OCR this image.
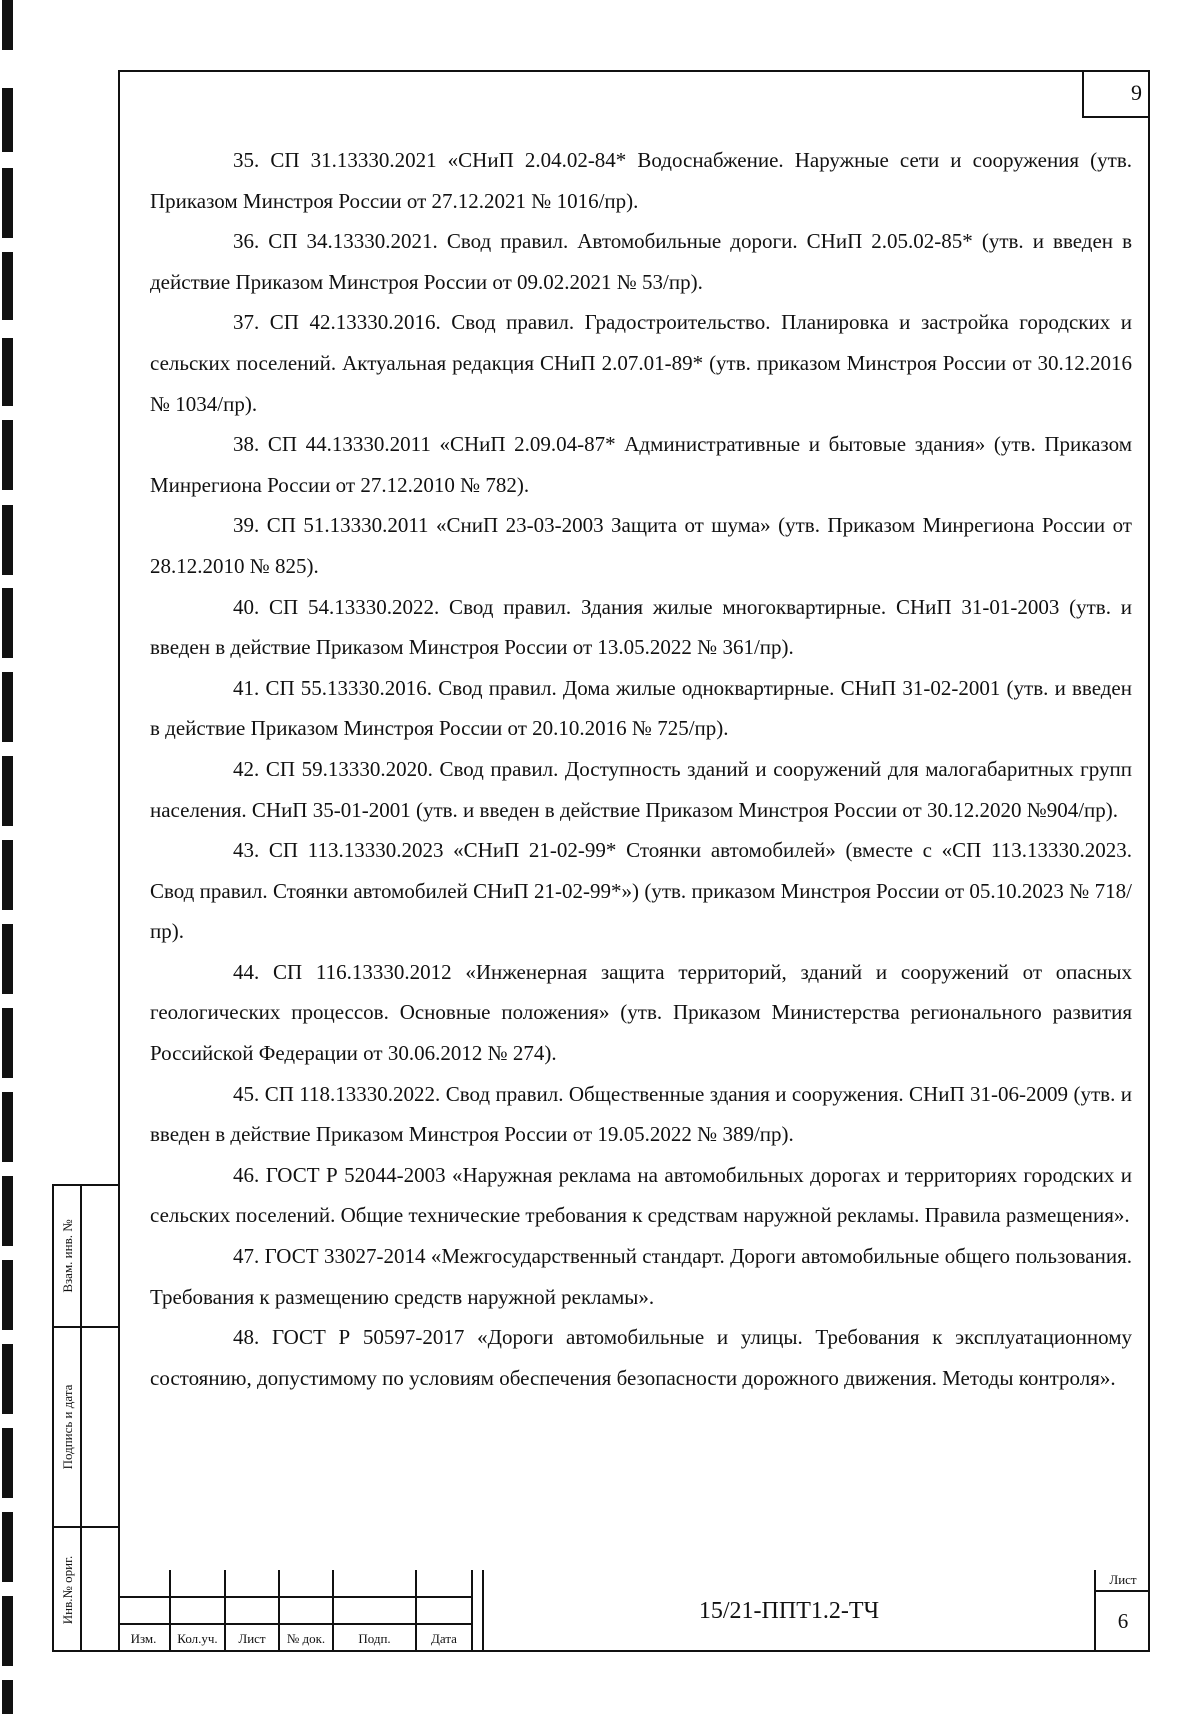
9

35. СП 31.13330.2021 «СНиП 2.04.02-84* Водоснабжение. Наружные сети и сооружения (утв. Приказом Минстроя России от 27.12.2021 № 1016/пр).

36. СП 34.13330.2021. Свод правил. Автомобильные дороги. СНиП 2.05.02-85* (утв. и введен в действие Приказом Минстроя России от 09.02.2021 № 53/пр).

37. СП 42.13330.2016. Свод правил. Градостроительство. Планировка и застройка городских и сельских поселений. Актуальная редакция СНиП 2.07.01-89* (утв. приказом Минстроя России от 30.12.2016 № 1034/пр).

38. СП 44.13330.2011 «СНиП 2.09.04-87* Административные и бытовые здания» (утв. Приказом Минрегиона России от 27.12.2010 № 782).

39. СП 51.13330.2011 «СниП 23-03-2003 Защита от шума» (утв. Приказом Минрегиона России от 28.12.2010 № 825).

40. СП 54.13330.2022. Свод правил. Здания жилые многоквартирные. СНиП 31-01-2003 (утв. и введен в действие Приказом Минстроя России от 13.05.2022 № 361/пр).

41. СП 55.13330.2016. Свод правил. Дома жилые одноквартирные. СНиП 31-02-2001 (утв. и введен в действие Приказом Минстроя России от 20.10.2016 № 725/пр).

42. СП 59.13330.2020. Свод правил. Доступность зданий и сооружений для малогабаритных групп населения. СНиП 35-01-2001 (утв. и введен в действие Приказом Минстроя России от 30.12.2020 №904/пр).

43. СП 113.13330.2023 «СНиП 21-02-99* Стоянки автомобилей» (вместе с «СП 113.13330.2023. Свод правил. Стоянки автомобилей СНиП 21-02-99*») (утв. приказом Минстроя России от 05.10.2023 № 718/пр).

44. СП 116.13330.2012 «Инженерная защита территорий, зданий и сооружений от опасных геологических процессов. Основные положения» (утв. Приказом Министерства регионального развития Российской Федерации от 30.06.2012 № 274).

45. СП 118.13330.2022. Свод правил. Общественные здания и сооружения. СНиП 31-06-2009 (утв. и введен в действие Приказом Минстроя России от 19.05.2022 № 389/пр).

46. ГОСТ Р 52044-2003 «Наружная реклама на автомобильных дорогах и территориях городских и сельских поселений. Общие технические требования к средствам наружной рекламы. Правила размещения».

47. ГОСТ 33027-2014 «Межгосударственный стандарт. Дороги автомобильные общего пользования. Требования к размещению средств наружной рекламы».

48. ГОСТ Р 50597-2017 «Дороги автомобильные и улицы. Требования к эксплуатационному состоянию, допустимому по условиям обеспечения безопасности дорожного движения. Методы контроля».

Взам. инв. №
Подпись и дата
Инв.№ ориг.

Изм.	Кол.уч.	Лист	№ док.	Подп.	Дата
15/21-ППТ1.2-ТЧ
Лист
6
